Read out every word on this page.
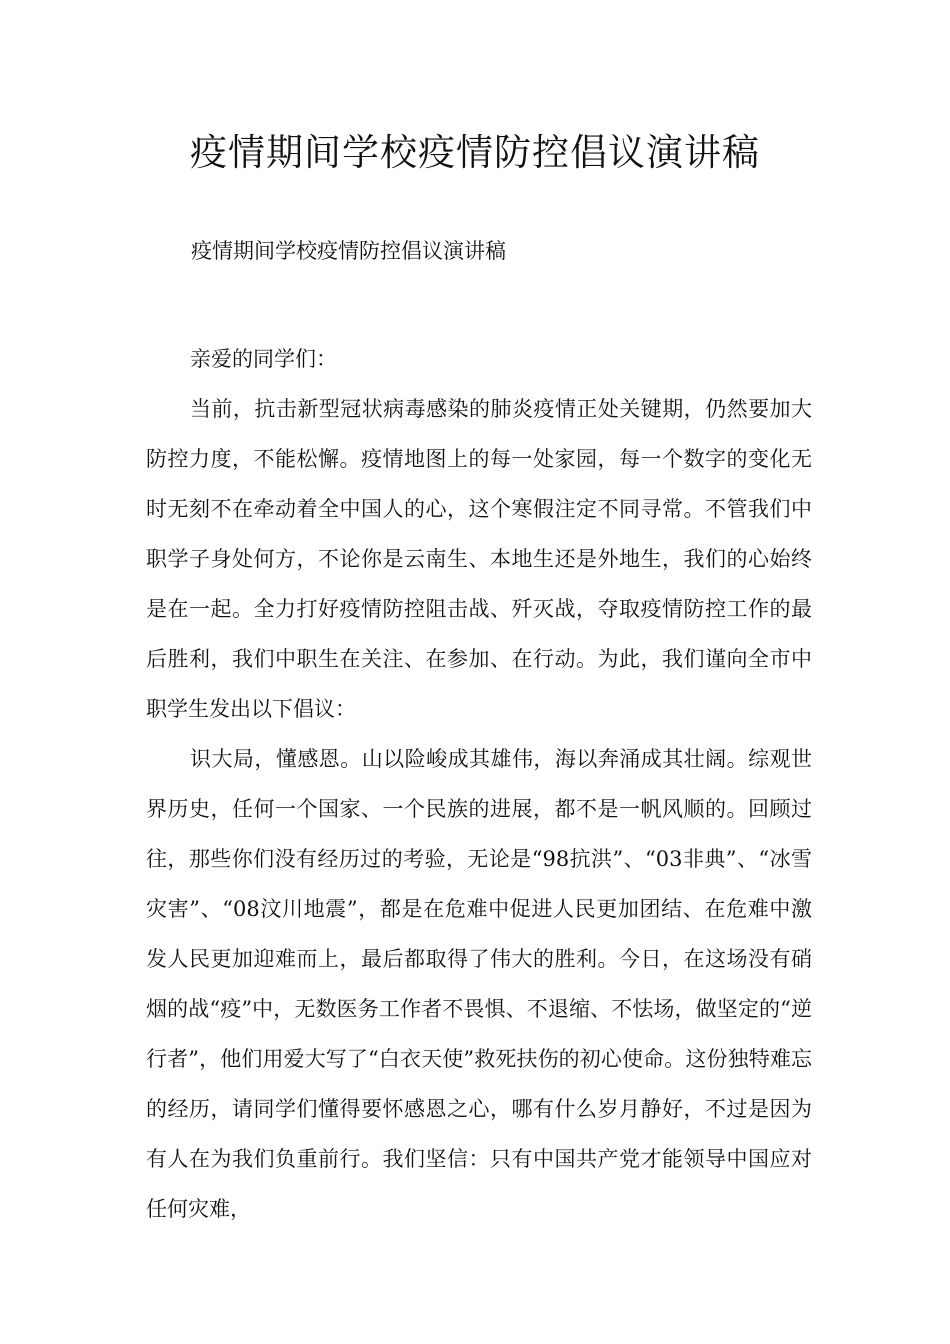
疫情期间学校疫情防控倡议演讲稿

疫情期间学校疫情防控倡议演讲稿

亲爱的同学们：

当前，抗击新型冠状病毒感染的肺炎疫情正处关键期，仍然要加大防控力度，不能松懈。疫情地图上的每一处家园，每一个数字的变化无时无刻不在牵动着全中国人的心，这个寒假注定不同寻常。不管我们中职学子身处何方，不论你是云南生、本地生还是外地生，我们的心始终是在一起。全力打好疫情防控阻击战、歼灭战，夺取疫情防控工作的最后胜利，我们中职生在关注、在参加、在行动。为此，我们谨向全市中职学生发出以下倡议：

识大局，懂感恩。山以险峻成其雄伟，海以奔涌成其壮阔。综观世界历史，任何一个国家、一个民族的进展，都不是一帆风顺的。回顾过往，那些你们没有经历过的考验，无论是“98抗洪”、“03非典”、“冰雪灾害”、“08汶川地震”，都是在危难中促进人民更加团结、在危难中激发人民更加迎难而上，最后都取得了伟大的胜利。今日，在这场没有硝烟的战“疫”中，无数医务工作者不畏惧、不退缩、不怯场，做坚定的“逆行者”，他们用爱大写了“白衣天使”救死扶伤的初心使命。这份独特难忘的经历，请同学们懂得要怀感恩之心，哪有什么岁月静好，不过是因为有人在为我们负重前行。我们坚信：只有中国共产党才能领导中国应对任何灾难，
